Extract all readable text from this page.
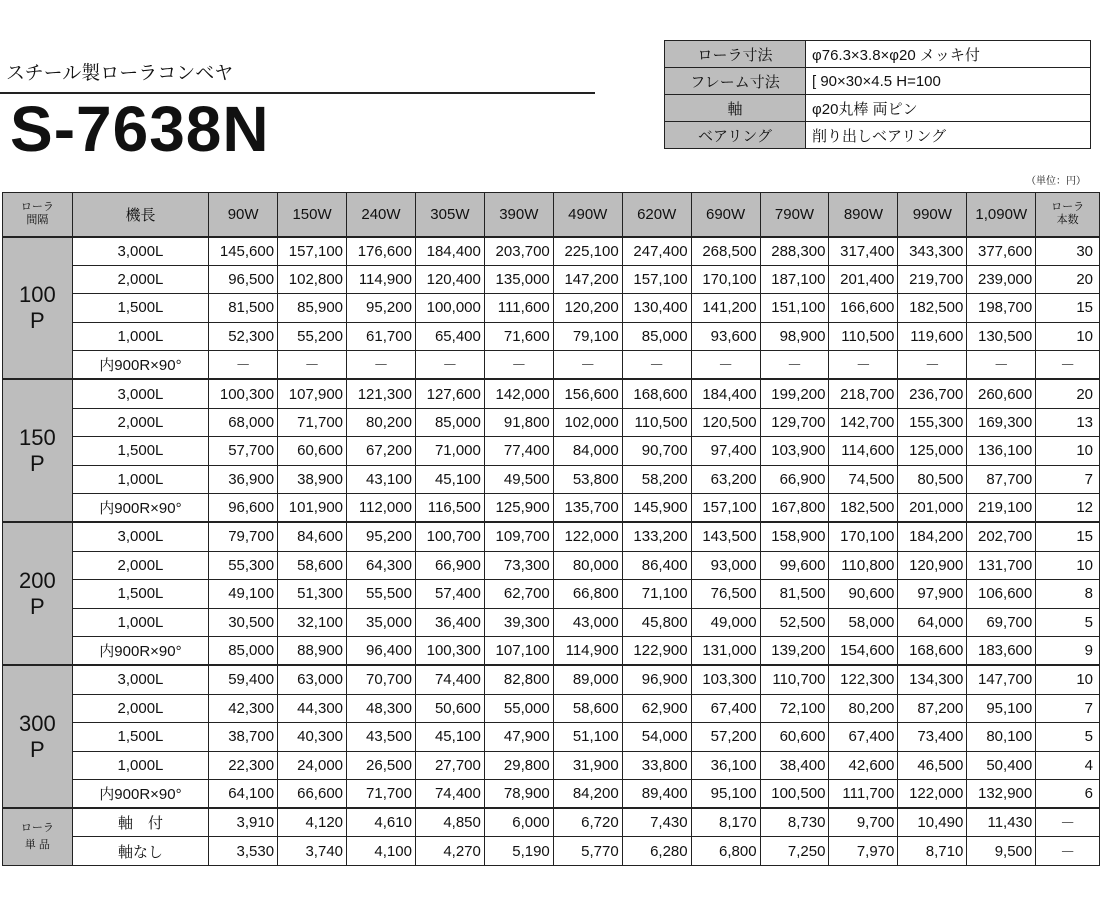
スチール製ローラコンベヤ
S-7638N
ローラ寸法	φ76.3×3.8×φ20 メッキ付
フレーム寸法	[ 90×30×4.5 H=100
軸	φ20丸棒 両ピン
ベアリング	削り出しベアリング
（単位：円）
ローラ
間隔	機長	90W	150W	240W	305W	390W	490W	620W	690W	790W	890W	990W	1,090W	ローラ
本数
100
P	3,000L	145,600	157,100	176,600	184,400	203,700	225,100	247,400	268,500	288,300	317,400	343,300	377,600	30
	2,000L	96,500	102,800	114,900	120,400	135,000	147,200	157,100	170,100	187,100	201,400	219,700	239,000	20
	1,500L	81,500	85,900	95,200	100,000	111,600	120,200	130,400	141,200	151,100	166,600	182,500	198,700	15
	1,000L	52,300	55,200	61,700	65,400	71,600	79,100	85,000	93,600	98,900	110,500	119,600	130,500	10
	内900R×90°	－	－	－	－	－	－	－	－	－	－	－	－	－
150
P	3,000L	100,300	107,900	121,300	127,600	142,000	156,600	168,600	184,400	199,200	218,700	236,700	260,600	20
	2,000L	68,000	71,700	80,200	85,000	91,800	102,000	110,500	120,500	129,700	142,700	155,300	169,300	13
	1,500L	57,700	60,600	67,200	71,000	77,400	84,000	90,700	97,400	103,900	114,600	125,000	136,100	10
	1,000L	36,900	38,900	43,100	45,100	49,500	53,800	58,200	63,200	66,900	74,500	80,500	87,700	7
	内900R×90°	96,600	101,900	112,000	116,500	125,900	135,700	145,900	157,100	167,800	182,500	201,000	219,100	12
200
P	3,000L	79,700	84,600	95,200	100,700	109,700	122,000	133,200	143,500	158,900	170,100	184,200	202,700	15
	2,000L	55,300	58,600	64,300	66,900	73,300	80,000	86,400	93,000	99,600	110,800	120,900	131,700	10
	1,500L	49,100	51,300	55,500	57,400	62,700	66,800	71,100	76,500	81,500	90,600	97,900	106,600	8
	1,000L	30,500	32,100	35,000	36,400	39,300	43,000	45,800	49,000	52,500	58,000	64,000	69,700	5
	内900R×90°	85,000	88,900	96,400	100,300	107,100	114,900	122,900	131,000	139,200	154,600	168,600	183,600	9
300
P	3,000L	59,400	63,000	70,700	74,400	82,800	89,000	96,900	103,300	110,700	122,300	134,300	147,700	10
	2,000L	42,300	44,300	48,300	50,600	55,000	58,600	62,900	67,400	72,100	80,200	87,200	95,100	7
	1,500L	38,700	40,300	43,500	45,100	47,900	51,100	54,000	57,200	60,600	67,400	73,400	80,100	5
	1,000L	22,300	24,000	26,500	27,700	29,800	31,900	33,800	36,100	38,400	42,600	46,500	50,400	4
	内900R×90°	64,100	66,600	71,700	74,400	78,900	84,200	89,400	95,100	100,500	111,700	122,000	132,900	6
ローラ
単 品	軸　付	3,910	4,120	4,610	4,850	6,000	6,720	7,430	8,170	8,730	9,700	10,490	11,430	－
	軸なし	3,530	3,740	4,100	4,270	5,190	5,770	6,280	6,800	7,250	7,970	8,710	9,500	－
